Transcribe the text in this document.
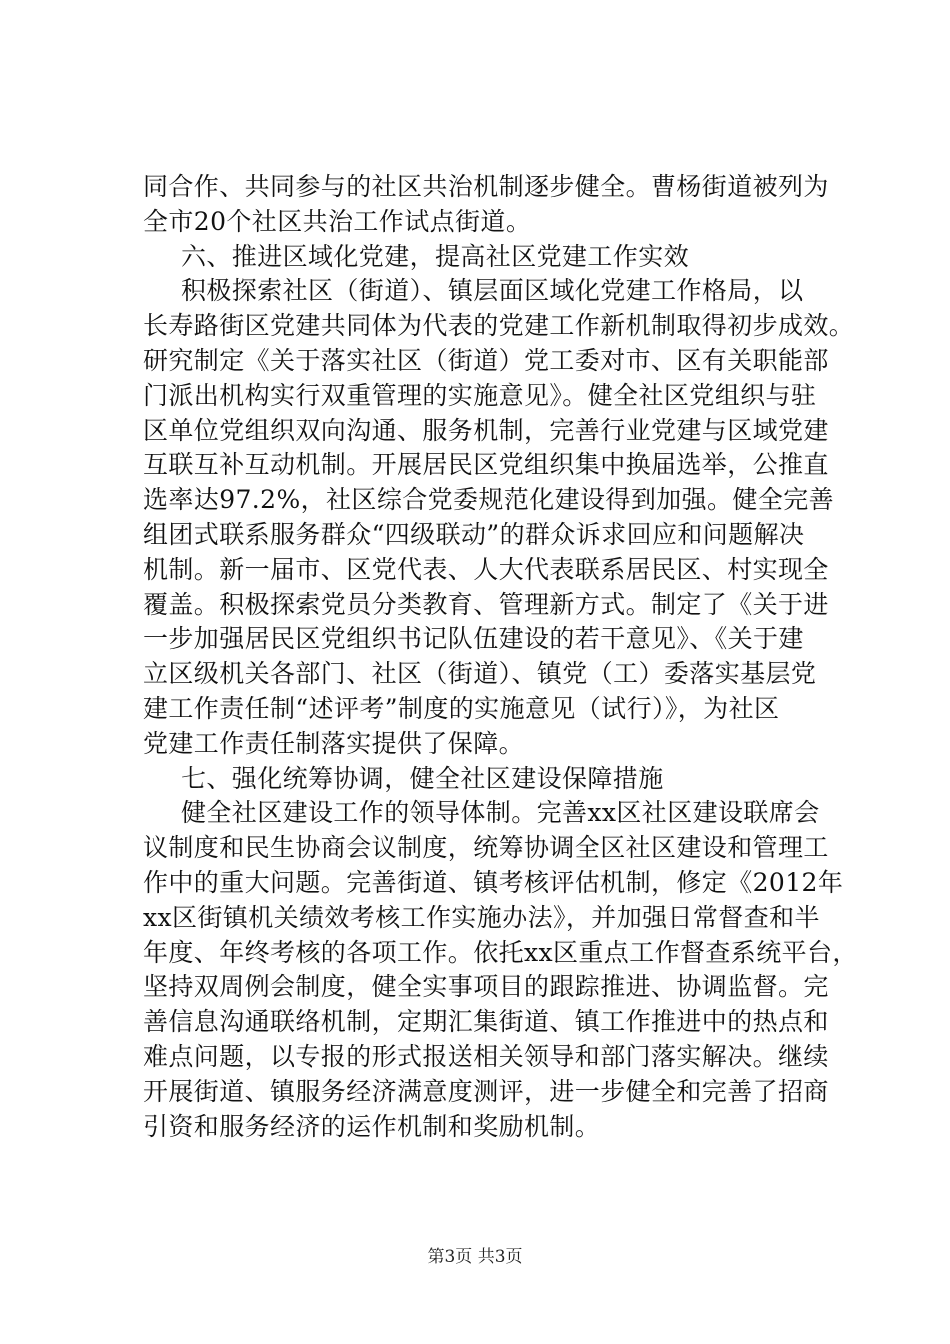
同合作、共同参与的社区共治机制逐步健全。曹杨街道被列为
全市20个社区共治工作试点街道。
六、推进区域化党建，提高社区党建工作实效
积极探索社区（街道）、镇层面区域化党建工作格局，以
长寿路街区党建共同体为代表的党建工作新机制取得初步成效。
研究制定《关于落实社区（街道）党工委对市、区有关职能部
门派出机构实行双重管理的实施意见》。健全社区党组织与驻
区单位党组织双向沟通、服务机制，完善行业党建与区域党建
互联互补互动机制。开展居民区党组织集中换届选举，公推直
选率达97.2%，社区综合党委规范化建设得到加强。健全完善
组团式联系服务群众“四级联动”的群众诉求回应和问题解决
机制。新一届市、区党代表、人大代表联系居民区、村实现全
覆盖。积极探索党员分类教育、管理新方式。制定了《关于进
一步加强居民区党组织书记队伍建设的若干意见》、《关于建
立区级机关各部门、社区（街道）、镇党（工）委落实基层党
建工作责任制“述评考”制度的实施意见（试行）》，为社区
党建工作责任制落实提供了保障。
七、强化统筹协调，健全社区建设保障措施
健全社区建设工作的领导体制。完善xx区社区建设联席会
议制度和民生协商会议制度，统筹协调全区社区建设和管理工
作中的重大问题。完善街道、镇考核评估机制，修定《2012年
xx区街镇机关绩效考核工作实施办法》，并加强日常督查和半
年度、年终考核的各项工作。依托xx区重点工作督查系统平台，
坚持双周例会制度，健全实事项目的跟踪推进、协调监督。完
善信息沟通联络机制，定期汇集街道、镇工作推进中的热点和
难点问题，以专报的形式报送相关领导和部门落实解决。继续
开展街道、镇服务经济满意度测评，进一步健全和完善了招商
引资和服务经济的运作机制和奖励机制。
第3页 共3页
